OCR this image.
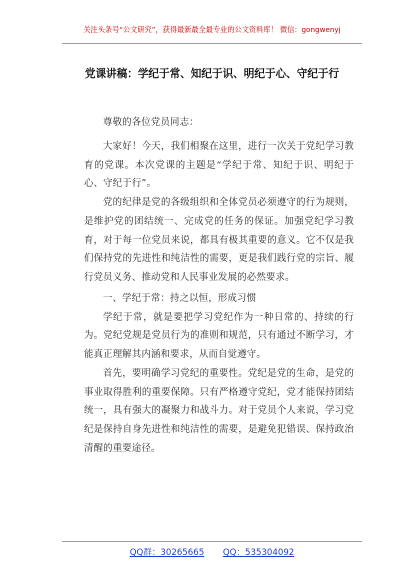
关注头条号“公文研究”，获得最新最全最专业的公文资料库！ 微信：gongwenyj
党课讲稿：学纪于常、知纪于识、明纪于心、守纪于行

尊敬的各位党员同志：

大家好！今天，我们相聚在这里，进行一次关于党纪学习教育的党课。本次党课的主题是“学纪于常、知纪于识、明纪于心、守纪于行”。

党的纪律是党的各级组织和全体党员必须遵守的行为规则，是维护党的团结统一、完成党的任务的保证。加强党纪学习教育，对于每一位党员来说，都具有极其重要的意义。它不仅是我们保持党的先进性和纯洁性的需要，更是我们践行党的宗旨、履行党员义务、推动党和人民事业发展的必然要求。

一、学纪于常：持之以恒，形成习惯

学纪于常，就是要把学习党纪作为一种日常的、持续的行为。党纪党规是党员行为的准则和规范，只有通过不断学习，才能真正理解其内涵和要求，从而自觉遵守。

首先，要明确学习党纪的重要性。党纪是党的生命，是党的事业取得胜利的重要保障。只有严格遵守党纪，党才能保持团结统一，具有强大的凝聚力和战斗力。对于党员个人来说，学习党纪是保持自身先进性和纯洁性的需要，是避免犯错误、保持政治清醒的重要途径。

QQ群：30265665 QQ：535304092
